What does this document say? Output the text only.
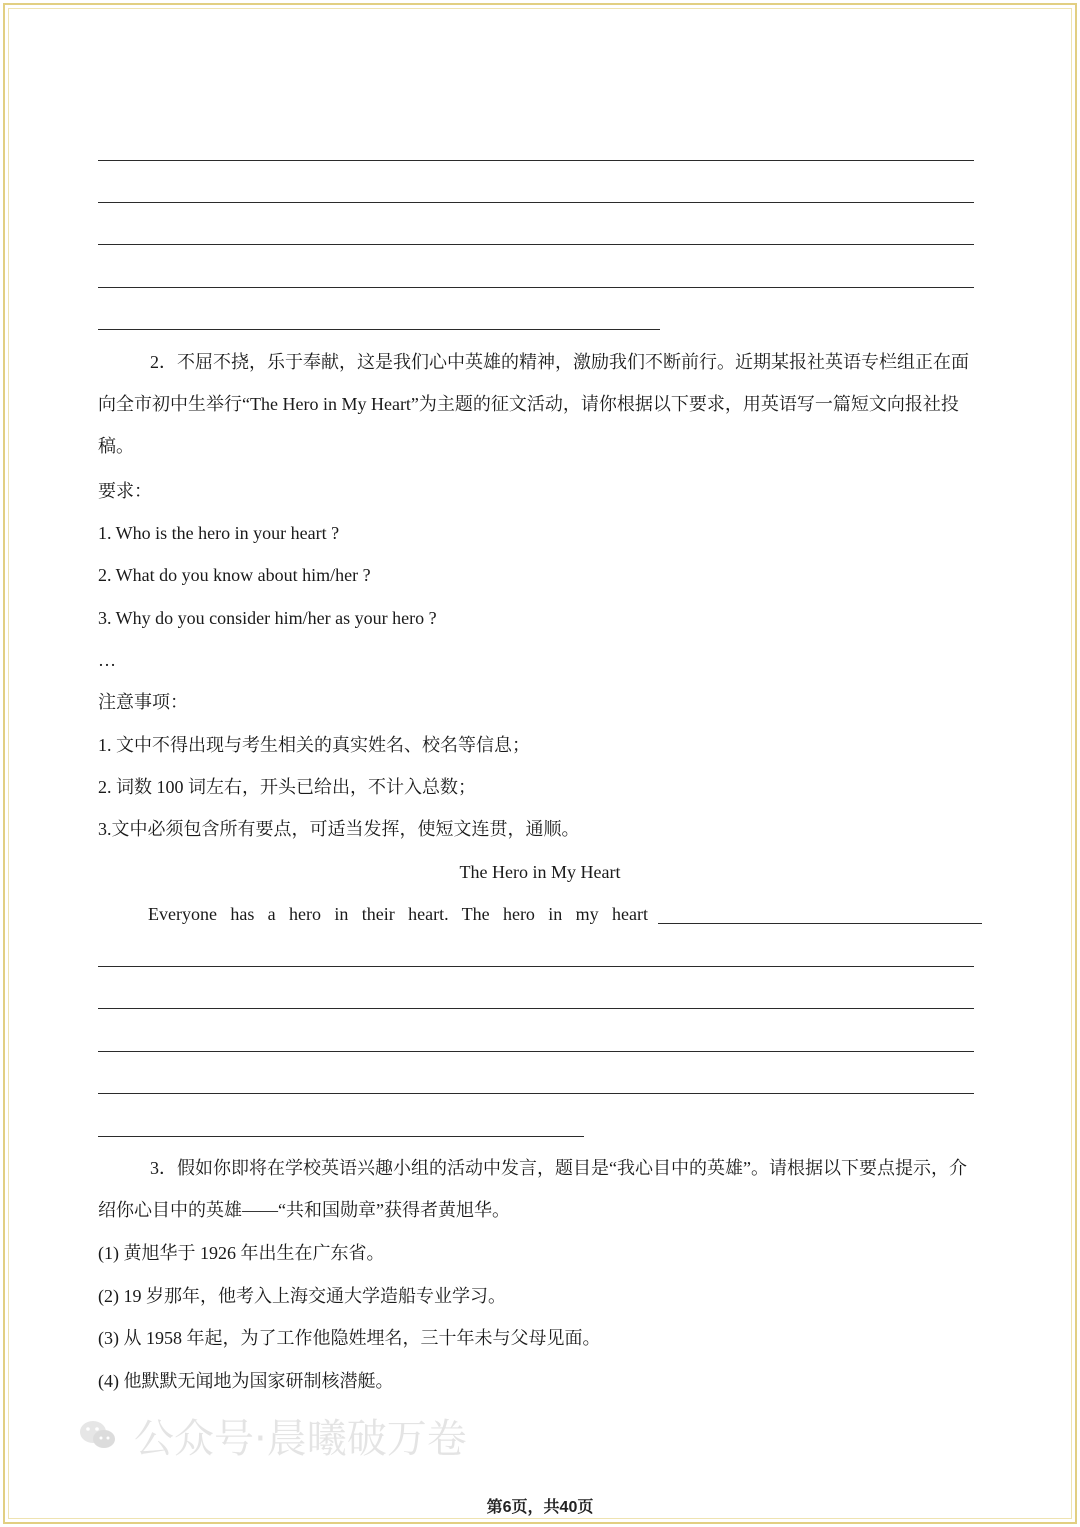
2．不屈不挠，乐于奉献，这是我们心中英雄的精神，激励我们不断前行。近期某报社英语专栏组正在面向全市初中生举行“The Hero in My Heart”为主题的征文活动，请你根据以下要求，用英语写一篇短文向报社投稿。
要求：
1. Who is the hero in your heart ?
2. What do you know about him/her ?
3. Why do you consider him/her as your hero ?
…
注意事项：
1. 文中不得出现与考生相关的真实姓名、校名等信息；
2. 词数 100 词左右，开头已给出，不计入总数；
3.文中必须包含所有要点，可适当发挥，使短文连贯，通顺。
The Hero in My Heart
Everyone has a hero in their heart. The hero in my heart
3．假如你即将在学校英语兴趣小组的活动中发言，题目是“我心目中的英雄”。请根据以下要点提示，介绍你心目中的英雄——“共和国勋章”获得者黄旭华。
(1) 黄旭华于 1926 年出生在广东省。
(2) 19 岁那年，他考入上海交通大学造船专业学习。
(3) 从 1958 年起，为了工作他隐姓埋名，三十年未与父母见面。
(4) 他默默无闻地为国家研制核潜艇。
公众号·晨曦破万卷
第6页，共40页
